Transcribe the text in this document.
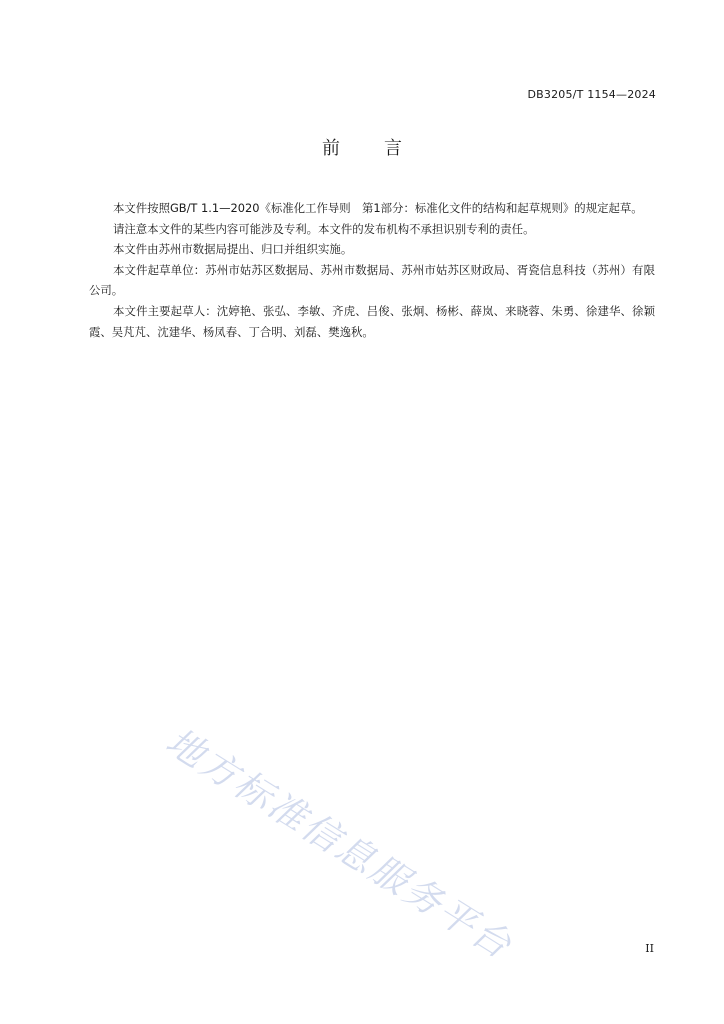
DB3205/T 1154—2024
前 言

本文件按照GB/T 1.1—2020《标准化工作导则　第1部分：标准化文件的结构和起草规则》的规定起草。

请注意本文件的某些内容可能涉及专利。本文件的发布机构不承担识别专利的责任。

本文件由苏州市数据局提出、归口并组织实施。

本文件起草单位：苏州市姑苏区数据局、苏州市数据局、苏州市姑苏区财政局、胥瓷信息科技（苏州）有限公司。

本文件主要起草人：沈婷艳、张弘、李敏、齐虎、吕俊、张炯、杨彬、薛岚、来晓蓉、朱勇、徐建华、徐颖霞、吴芃芃、沈建华、杨凤春、丁合明、刘磊、樊逸秋。

地方标准信息服务平台	II
